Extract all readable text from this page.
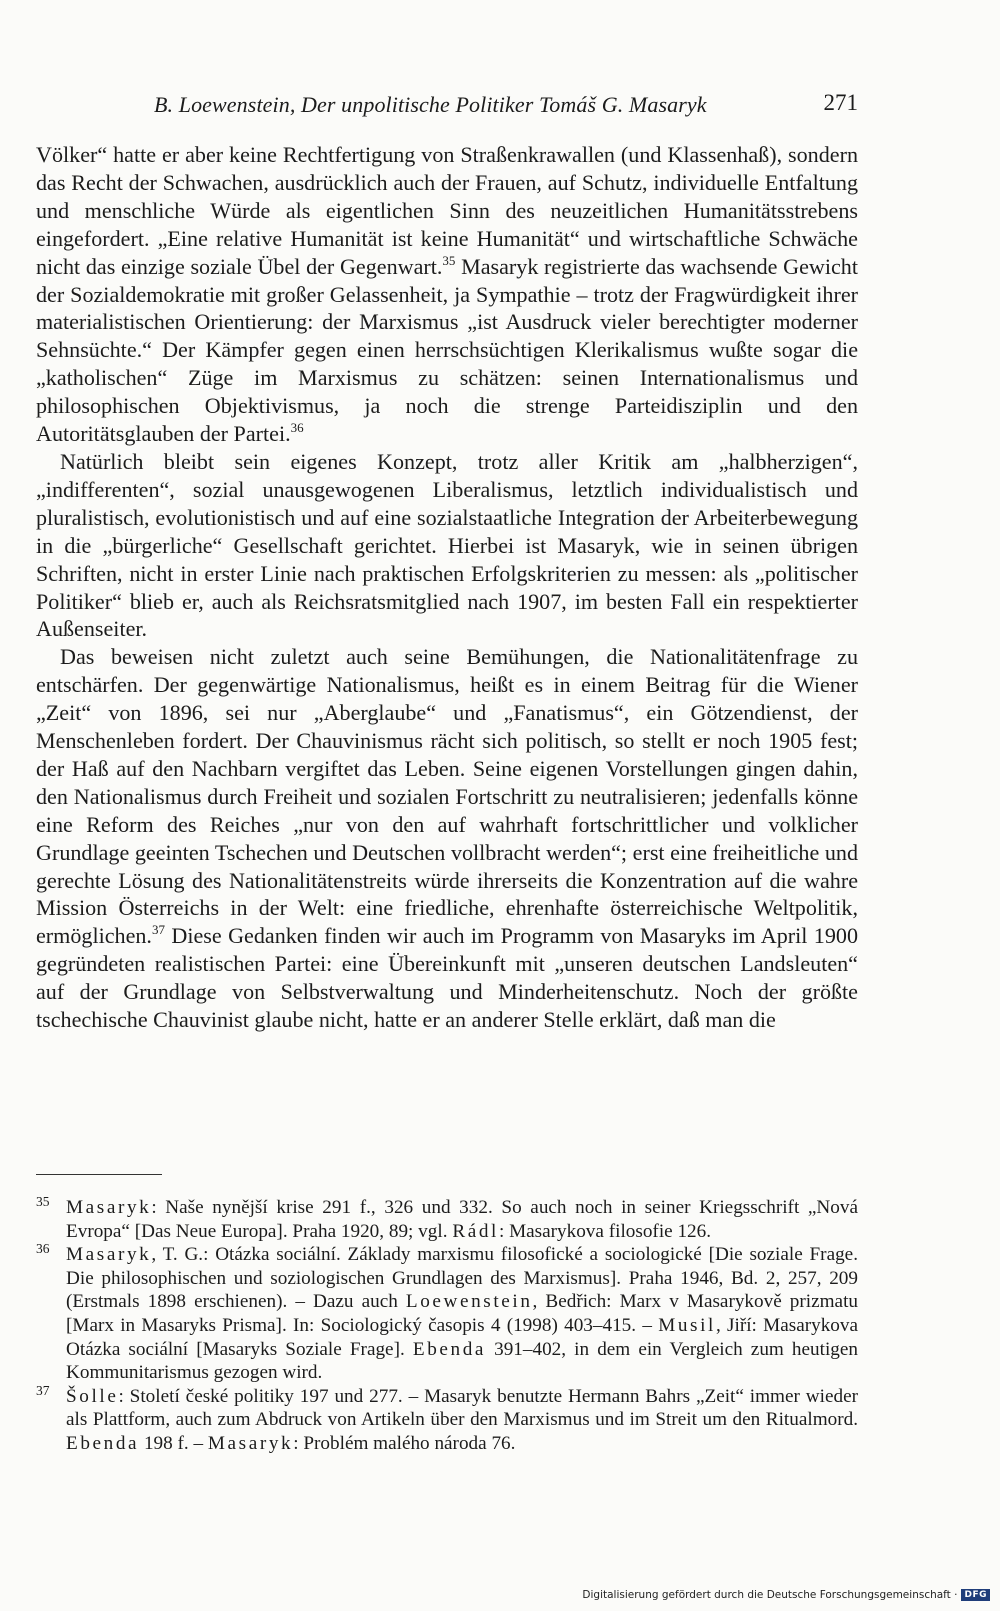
B. Loewenstein, Der unpolitische Politiker Tomáš G. Masaryk	271

Völker“ hatte er aber keine Rechtfertigung von Straßenkrawallen (und Klassenhaß), sondern das Recht der Schwachen, ausdrücklich auch der Frauen, auf Schutz, individuelle Entfaltung und menschliche Würde als eigentlichen Sinn des neuzeitlichen Humanitätsstrebens eingefordert. „Eine relative Humanität ist keine Humanität“ und wirtschaftliche Schwäche nicht das einzige soziale Übel der Gegenwart.$^{35}$ Masaryk registrierte das wachsende Gewicht der Sozialdemokratie mit großer Gelassenheit, ja Sympathie – trotz der Fragwürdigkeit ihrer materialistischen Orientierung: der Marxismus „ist Ausdruck vieler berechtigter moderner Sehnsüchte.“ Der Kämpfer gegen einen herrschsüchtigen Klerikalismus wußte sogar die „katholischen“ Züge im Marxismus zu schätzen: seinen Internationalismus und philosophischen Objektivismus, ja noch die strenge Parteidisziplin und den Autoritätsglauben der Partei.$^{36}$

Natürlich bleibt sein eigenes Konzept, trotz aller Kritik am „halbherzigen“, „indifferenten“, sozial unausgewogenen Liberalismus, letztlich individualistisch und pluralistisch, evolutionistisch und auf eine sozialstaatliche Integration der Arbeiterbewegung in die „bürgerliche“ Gesellschaft gerichtet. Hierbei ist Masaryk, wie in seinen übrigen Schriften, nicht in erster Linie nach praktischen Erfolgskriterien zu messen: als „politischer Politiker“ blieb er, auch als Reichsratsmitglied nach 1907, im besten Fall ein respektierter Außenseiter.

Das beweisen nicht zuletzt auch seine Bemühungen, die Nationalitätenfrage zu entschärfen. Der gegenwärtige Nationalismus, heißt es in einem Beitrag für die Wiener „Zeit“ von 1896, sei nur „Aberglaube“ und „Fanatismus“, ein Götzendienst, der Menschenleben fordert. Der Chauvinismus rächt sich politisch, so stellt er noch 1905 fest; der Haß auf den Nachbarn vergiftet das Leben. Seine eigenen Vorstellungen gingen dahin, den Nationalismus durch Freiheit und sozialen Fortschritt zu neutralisieren; jedenfalls könne eine Reform des Reiches „nur von den auf wahrhaft fortschrittlicher und volklicher Grundlage geeinten Tschechen und Deutschen vollbracht werden“; erst eine freiheitliche und gerechte Lösung des Nationalitätenstreits würde ihrerseits die Konzentration auf die wahre Mission Österreichs in der Welt: eine friedliche, ehrenhafte österreichische Weltpolitik, ermöglichen.$^{37}$ Diese Gedanken finden wir auch im Programm von Masaryks im April 1900 gegründeten realistischen Partei: eine Übereinkunft mit „unseren deutschen Landsleuten“ auf der Grundlage von Selbstverwaltung und Minderheitenschutz. Noch der größte tschechische Chauvinist glaube nicht, hatte er an anderer Stelle erklärt, daß man die

35 Masaryk: Naše nynější krise 291 f., 326 und 332. So auch noch in seiner Kriegsschrift „Nová Evropa“ [Das Neue Europa]. Praha 1920, 89; vgl. Rádl: Masarykova filosofie 126.
36 Masaryk, T. G.: Otázka sociální. Základy marxismu filosofické a sociologické [Die soziale Frage. Die philosophischen und soziologischen Grundlagen des Marxismus]. Praha 1946, Bd. 2, 257, 209 (Erstmals 1898 erschienen). – Dazu auch Loewenstein, Bedřich: Marx v Masarykově prizmatu [Marx in Masaryks Prisma]. In: Sociologický časopis 4 (1998) 403–415. – Musil, Jiří: Masarykova Otázka sociální [Masaryks Soziale Frage]. Ebenda 391–402, in dem ein Vergleich zum heutigen Kommunitarismus gezogen wird.
37 Šolle: Století české politiky 197 und 277. – Masaryk benutzte Hermann Bahrs „Zeit“ immer wieder als Plattform, auch zum Abdruck von Artikeln über den Marxismus und im Streit um den Ritualmord. Ebenda 198 f. – Masaryk: Problém malého národa 76.
Digitalisierung gefördert durch die Deutsche Forschungsgemeinschaft · DFG
